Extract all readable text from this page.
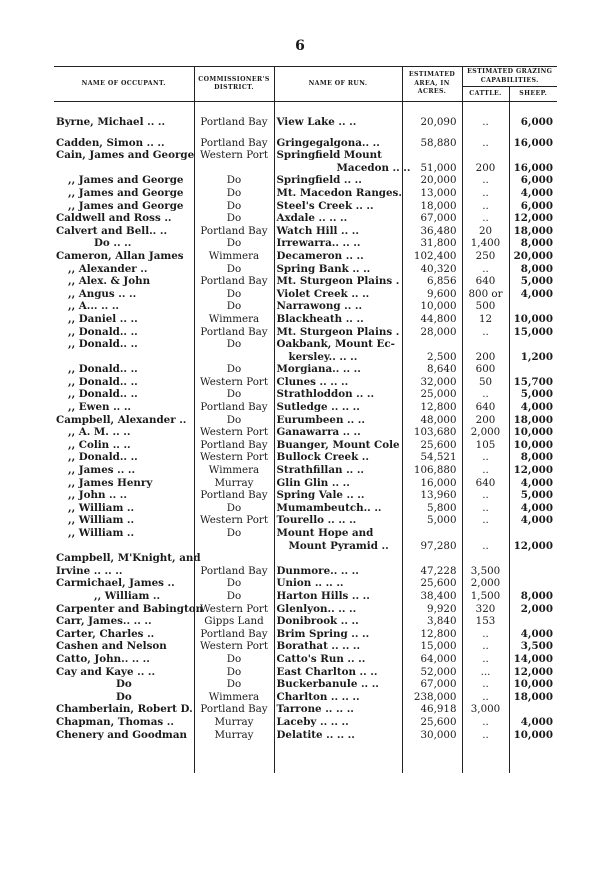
6
NAME OF OCCUPANT.	COMMISSIONER'S DISTRICT.	NAME OF RUN.	ESTIMATED AREA, IN ACRES.	ESTIMATED GRAZING CAPABILITIES.	
				CATTLE.	SHEEP.
Byrne, Michael .. ..	Portland Bay	View Lake .. ..	20,090	..	6,000

Cadden, Simon .. ..	Portland Bay	Gringegalgona.. ..	58,880	..	16,000
Cain, James and George	Western Port	Springfield Mount			
		Macedon .. ..	51,000	200	16,000
,, James and George	Do	Springfield .. ..	20,000	..	6,000
,, James and George	Do	Mt. Macedon Ranges.	13,000	..	4,000
,, James and George	Do	Steel's Creek .. ..	18,000	..	6,000
Caldwell and Ross ..	Do	Axdale .. .. ..	67,000	..	12,000
Calvert and Bell.. ..	Portland Bay	Watch Hill .. ..	36,480	20	18,000
Do .. ..	Do	Irrewarra.. .. ..	31,800	1,400	8,000
Cameron, Allan James	Wimmera	Decameron .. ..	102,400	250	20,000
,, Alexander ..	Do	Spring Bank .. ..	40,320	..	8,000
,, Alex. & John	Portland Bay	Mt. Sturgeon Plains .	6,856	640	5,000
,, Angus .. ..	Do	Violet Creek .. ..	9,600	800 or	4,000
,, A... .. ..	Do	Narrawong .. ..	10,000	500	
,, Daniel .. ..	Wimmera	Blackheath .. ..	44,800	12	10,000
,, Donald.. ..	Portland Bay	Mt. Sturgeon Plains .	28,000	..	15,000
,, Donald.. ..	Do	Oakbank, Mount Ec-			
		kersley.. .. ..	2,500	200	1,200
,, Donald.. ..	Do	Morgiana.. .. ..	8,640	600	
,, Donald.. ..	Western Port	Clunes .. .. ..	32,000	50	15,700
,, Donald.. ..	Do	Strathloddon .. ..	25,000	..	5,000
,, Ewen .. ..	Portland Bay	Sutledge .. .. ..	12,800	640	4,000
Campbell, Alexander ..	Do	Eurumbeen .. ..	48,000	200	18,000
,, A. M. .. ..	Western Port	Ganawarra .. ..	103,680	2,000	10,000
,, Colin .. ..	Portland Bay	Buanger, Mount Cole	25,600	105	10,000
,, Donald.. ..	Western Port	Bullock Creek ..	54,521	..	8,000
,, James .. ..	Wimmera	Strathfillan .. ..	106,880	..	12,000
,, James Henry	Murray	Glin Glin .. ..	16,000	640	4,000
,, John .. ..	Portland Bay	Spring Vale .. ..	13,960	..	5,000
,, William ..	Do	Mumambeutch.. ..	5,800	..	4,000
,, William ..	Western Port	Tourello .. .. ..	5,000	..	4,000
,, William ..	Do	Mount Hope and			
		Mount Pyramid ..	97,280	..	12,000
Campbell, M'Knight, and					
Irvine .. .. ..	Portland Bay	Dunmore.. .. ..	47,228	3,500	
Carmichael, James ..	Do	Union .. .. ..	25,600	2,000	
,, William ..	Do	Harton Hills .. ..	38,400	1,500	8,000
Carpenter and Babington	Western Port	Glenlyon.. .. ..	9,920	320	2,000
Carr, James.. .. ..	Gipps Land	Donibrook .. ..	3,840	153	
Carter, Charles ..	Portland Bay	Brim Spring .. ..	12,800	..	4,000
Cashen and Nelson	Western Port	Borathat .. .. ..	15,000	..	3,500
Catto, John.. .. ..	Do	Catto's Run .. ..	64,000	..	14,000
Cay and Kaye .. ..	Do	East Charlton .. ..	52,000	...	12,000
Do	Do	Buckerbanule .. ..	67,000	..	10,000
Do	Wimmera	Charlton .. .. ..	238,000	..	18,000
Chamberlain, Robert D.	Portland Bay	Tarrone .. .. ..	46,918	3,000	
Chapman, Thomas ..	Murray	Laceby .. .. ..	25,600	..	4,000
Chenery and Goodman	Murray	Delatite .. .. ..	30,000	..	10,000
